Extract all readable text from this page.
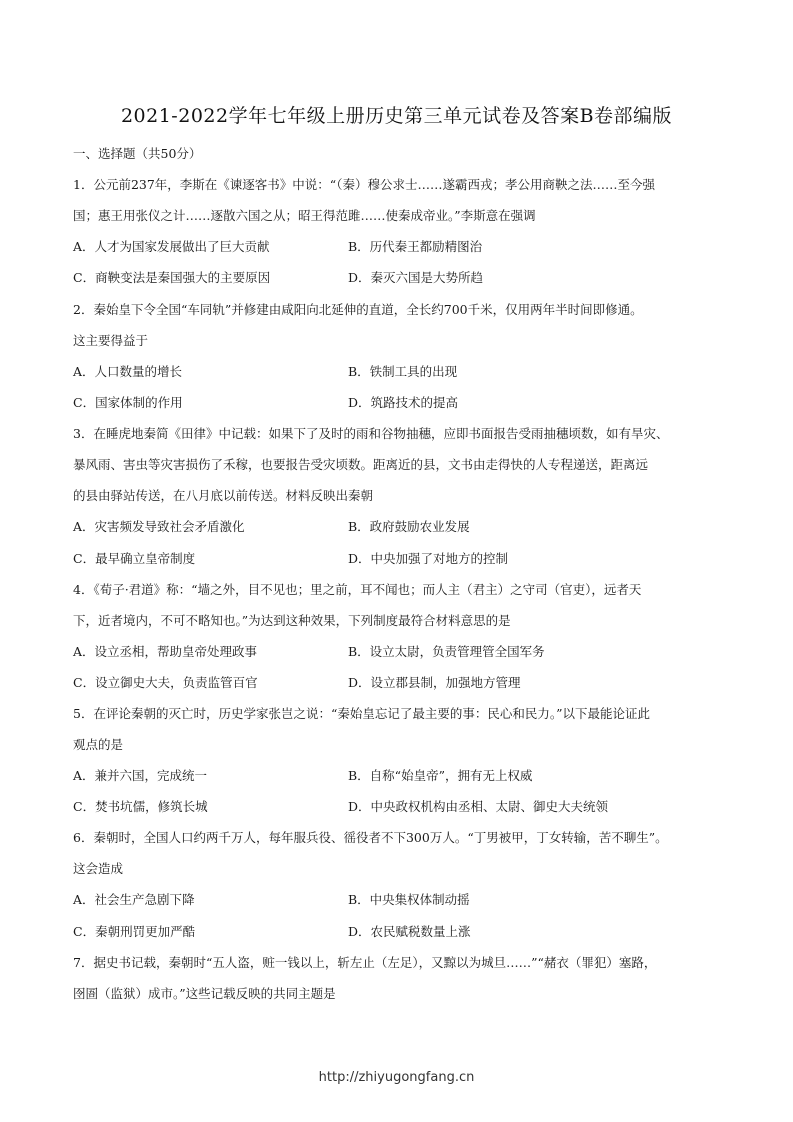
2021-2022学年七年级上册历史第三单元试卷及答案B卷部编版
一、选择题（共50分）
1．公元前237年，李斯在《谏逐客书》中说：“（秦）穆公求士……遂霸西戎；孝公用商鞅之法……至今强
国；惠王用张仪之计……逐散六国之从；昭王得范雎……使秦成帝业。”李斯意在强调
A．人才为国家发展做出了巨大贡献	B．历代秦王都励精图治
C．商鞅变法是秦国强大的主要原因	D．秦灭六国是大势所趋
2．秦始皇下令全国“车同轨”并修建由咸阳向北延伸的直道，全长约700千米，仅用两年半时间即修通。
这主要得益于
A．人口数量的增长	B．铁制工具的出现
C．国家体制的作用	D．筑路技术的提高
3．在睡虎地秦简《田律》中记载：如果下了及时的雨和谷物抽穗，应即书面报告受雨抽穗顷数，如有旱灾、
暴风雨、害虫等灾害损伤了禾稼，也要报告受灾顷数。距离近的县，文书由走得快的人专程递送，距离远
的县由驿站传送，在八月底以前传送。材料反映出秦朝
A．灾害频发导致社会矛盾激化	B．政府鼓励农业发展
C．最早确立皇帝制度	D．中央加强了对地方的控制
4．《荀子·君道》称：“墙之外，目不见也；里之前，耳不闻也；而人主（君主）之守司（官吏），远者天
下，近者境内，不可不略知也。”为达到这种效果，下列制度最符合材料意思的是
A．设立丞相，帮助皇帝处理政事	B．设立太尉，负责管理管全国军务
C．设立御史大夫，负责监管百官	D．设立郡县制，加强地方管理
5．在评论秦朝的灭亡时，历史学家张岂之说：“秦始皇忘记了最主要的事：民心和民力。”以下最能论证此
观点的是
A．兼并六国，完成统一	B．自称“始皇帝”，拥有无上权威
C．焚书坑儒，修筑长城	D．中央政权机构由丞相、太尉、御史大夫统领
6．秦朝时，全国人口约两千万人，每年服兵役、徭役者不下300万人。“丁男被甲，丁女转输，苦不聊生”。
这会造成
A．社会生产急剧下降	B．中央集权体制动摇
C．秦朝刑罚更加严酷	D．农民赋税数量上涨
7．据史书记载，秦朝时“五人盗，赃一钱以上，斩左止（左足），又黥以为城旦……”“赭衣（罪犯）塞路，
囹圄（监狱）成市。”这些记载反映的共同主题是
http://zhiyugongfang.cn
